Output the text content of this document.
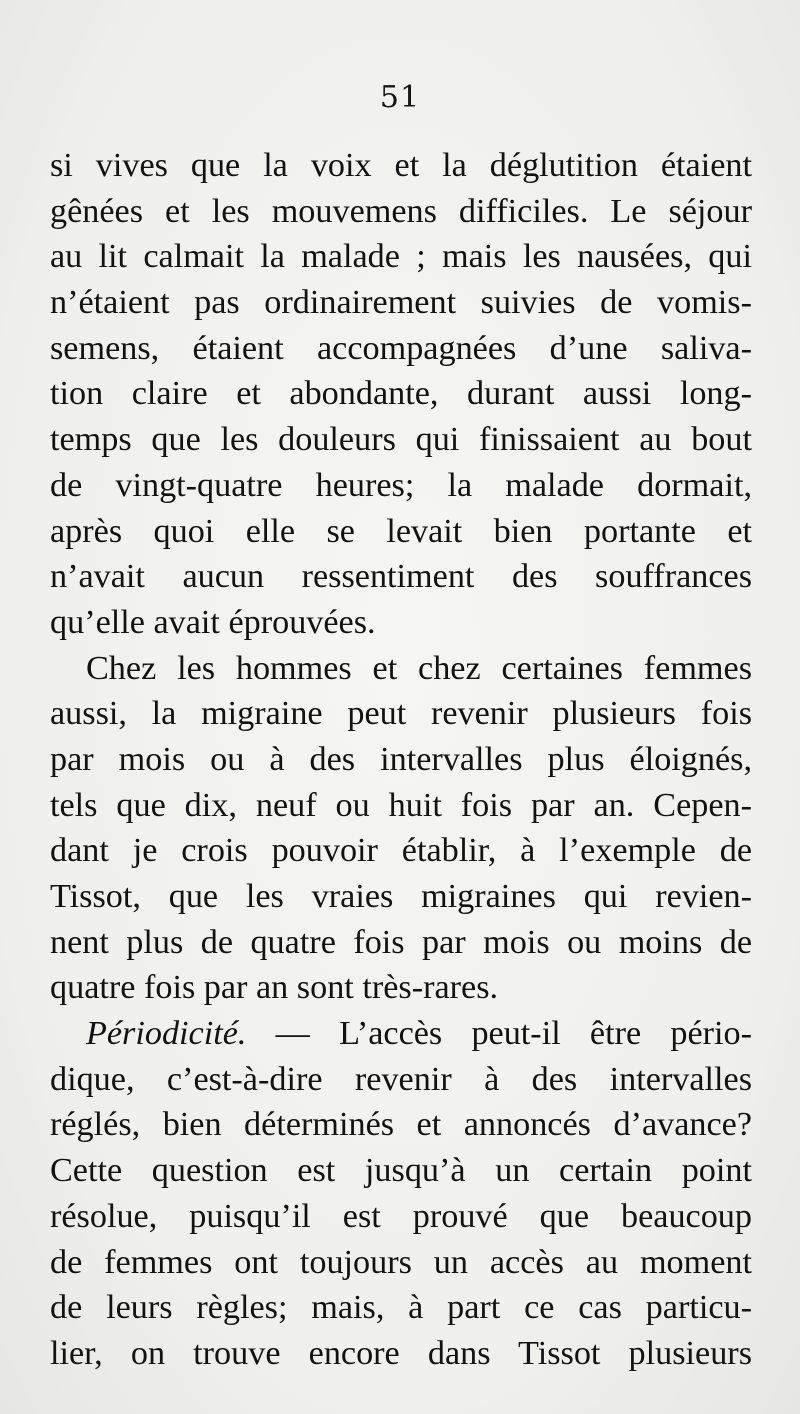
51
si vives que la voix et la déglutition étaient
gênées et les mouvemens difficiles. Le séjour
au lit calmait la malade ; mais les nausées, qui
n’étaient pas ordinairement suivies de vomis-
semens, étaient accompagnées d’une saliva-
tion claire et abondante, durant aussi long-
temps que les douleurs qui finissaient au bout
de vingt-quatre heures; la malade dormait,
après quoi elle se levait bien portante et
n’avait aucun ressentiment des souffrances
qu’elle avait éprouvées.
Chez les hommes et chez certaines femmes
aussi, la migraine peut revenir plusieurs fois
par mois ou à des intervalles plus éloignés,
tels que dix, neuf ou huit fois par an. Cepen-
dant je crois pouvoir établir, à l’exemple de
Tissot, que les vraies migraines qui revien-
nent plus de quatre fois par mois ou moins de
quatre fois par an sont très-rares.
Périodicité. — L’accès peut-il être pério-
dique, c’est-à-dire revenir à des intervalles
réglés, bien déterminés et annoncés d’avance?
Cette question est jusqu’à un certain point
résolue, puisqu’il est prouvé que beaucoup
de femmes ont toujours un accès au moment
de leurs règles; mais, à part ce cas particu-
lier, on trouve encore dans Tissot plusieurs
